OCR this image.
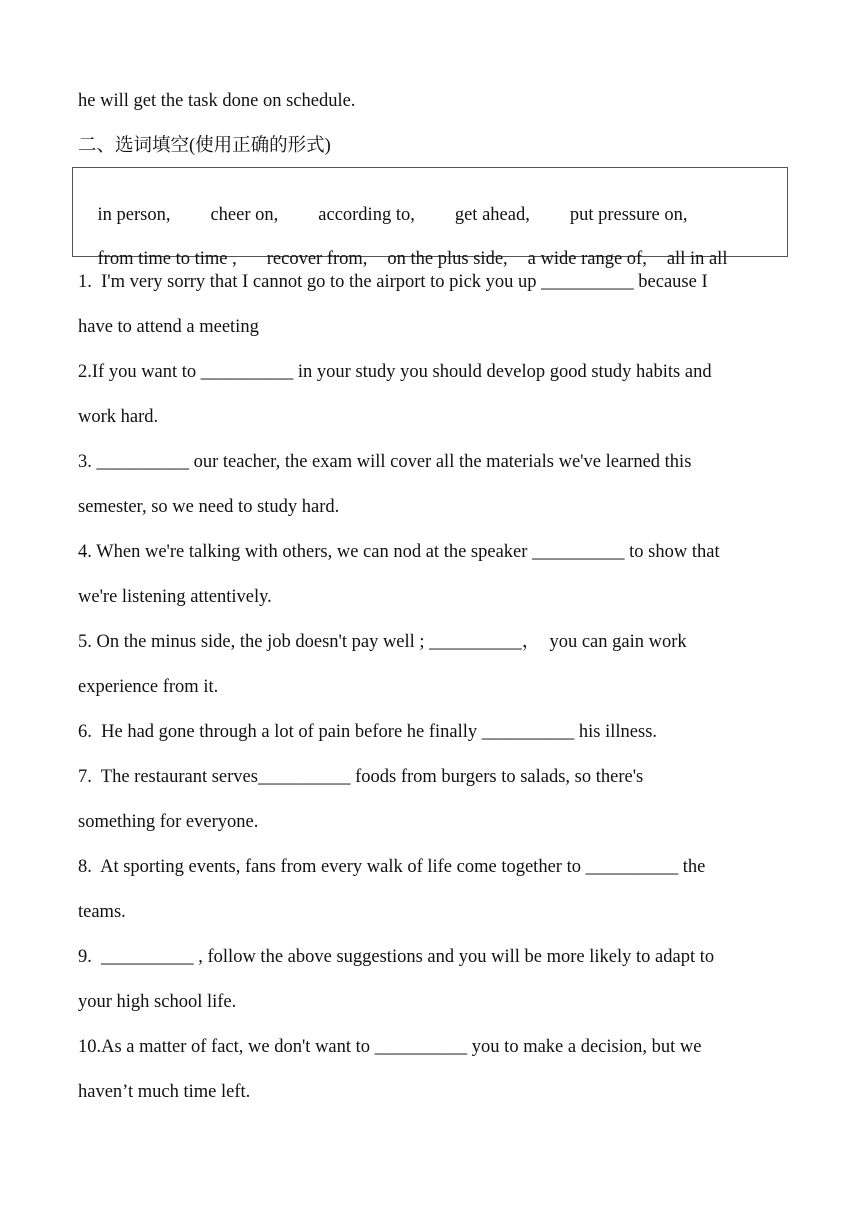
he will get the task done on schedule.
二、选词填空(使用正确的形式)

in person, cheer on, according to, get ahead, put pressure on,

from time to time , recover from, on the plus side, a wide range of, all in all

1.  I'm very sorry that I cannot go to the airport to pick you up __________ because I
have to attend a meeting
2.If you want to __________ in your study you should develop good study habits and
work hard.
3. __________ our teacher, the exam will cover all the materials we've learned this
semester, so we need to study hard.
4. When we're talking with others, we can nod at the speaker __________ to show that
we're listening attentively.
5. On the minus side, the job doesn't pay well ; __________，  you can gain work
experience from it.
6.  He had gone through a lot of pain before he finally __________ his illness.
7.  The restaurant serves__________ foods from burgers to salads, so there's
something for everyone.
8.  At sporting events, fans from every walk of life come together to __________ the
teams.
9.  __________ , follow the above suggestions and you will be more likely to adapt to
your high school life.
10.As a matter of fact, we don't want to __________ you to make a decision, but we
haven’t much time left.
